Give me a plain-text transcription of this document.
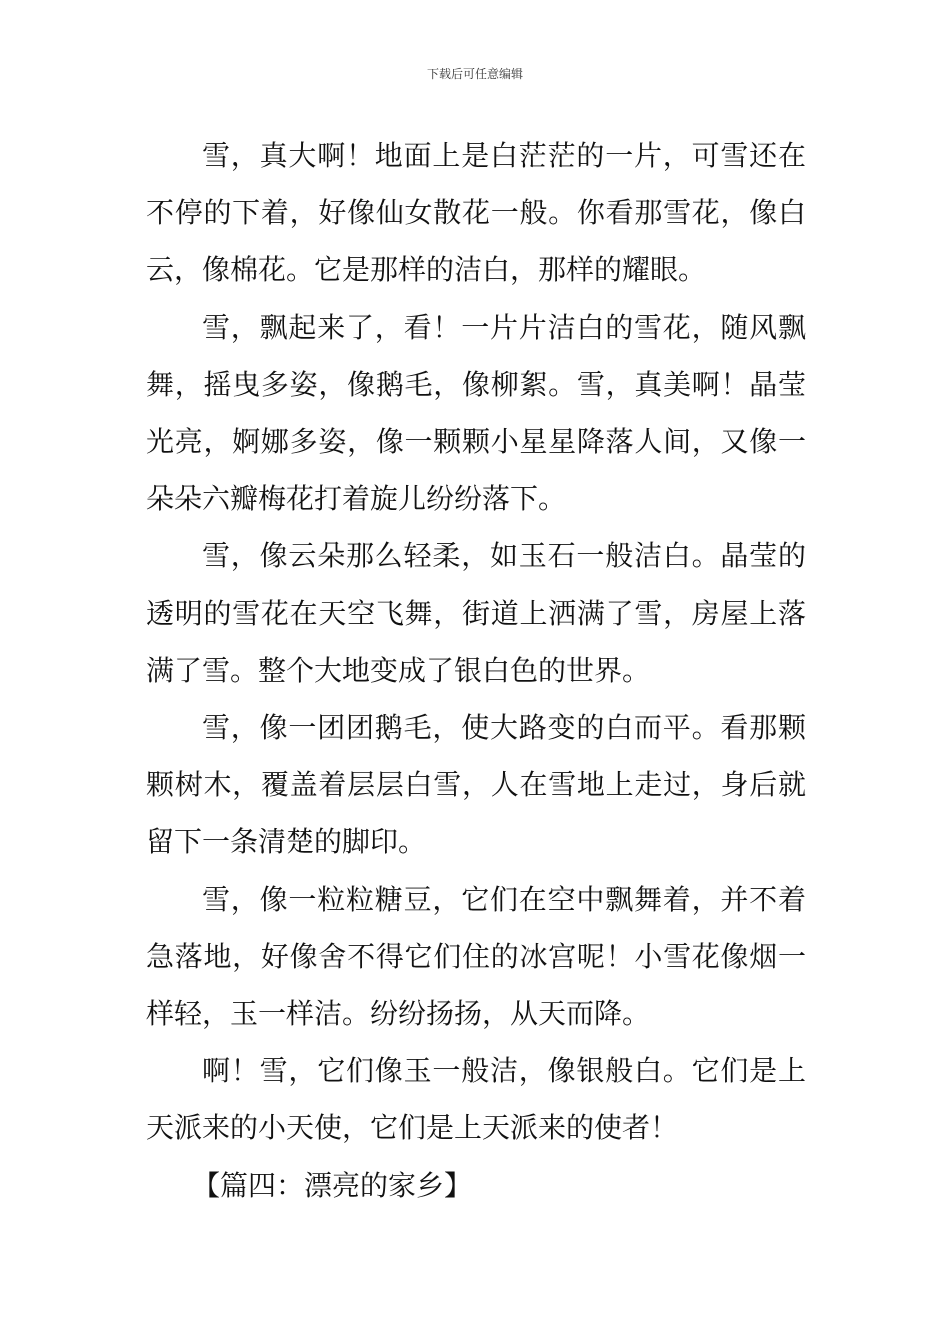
下载后可任意编辑

雪，真大啊！地面上是白茫茫的一片，可雪还在不停的下着，好像仙女散花一般。你看那雪花，像白云，像棉花。它是那样的洁白，那样的耀眼。

雪，飘起来了，看！一片片洁白的雪花，随风飘舞，摇曳多姿，像鹅毛，像柳絮。雪，真美啊！晶莹光亮，婀娜多姿，像一颗颗小星星降落人间，又像一朵朵六瓣梅花打着旋儿纷纷落下。

雪，像云朵那么轻柔，如玉石一般洁白。晶莹的透明的雪花在天空飞舞，街道上洒满了雪，房屋上落满了雪。整个大地变成了银白色的世界。

雪，像一团团鹅毛，使大路变的白而平。看那颗颗树木，覆盖着层层白雪，人在雪地上走过，身后就留下一条清楚的脚印。

雪，像一粒粒糖豆，它们在空中飘舞着，并不着急落地，好像舍不得它们住的冰宫呢！小雪花像烟一样轻，玉一样洁。纷纷扬扬，从天而降。

啊！雪，它们像玉一般洁，像银般白。它们是上天派来的小天使，它们是上天派来的使者！

【篇四：漂亮的家乡】
